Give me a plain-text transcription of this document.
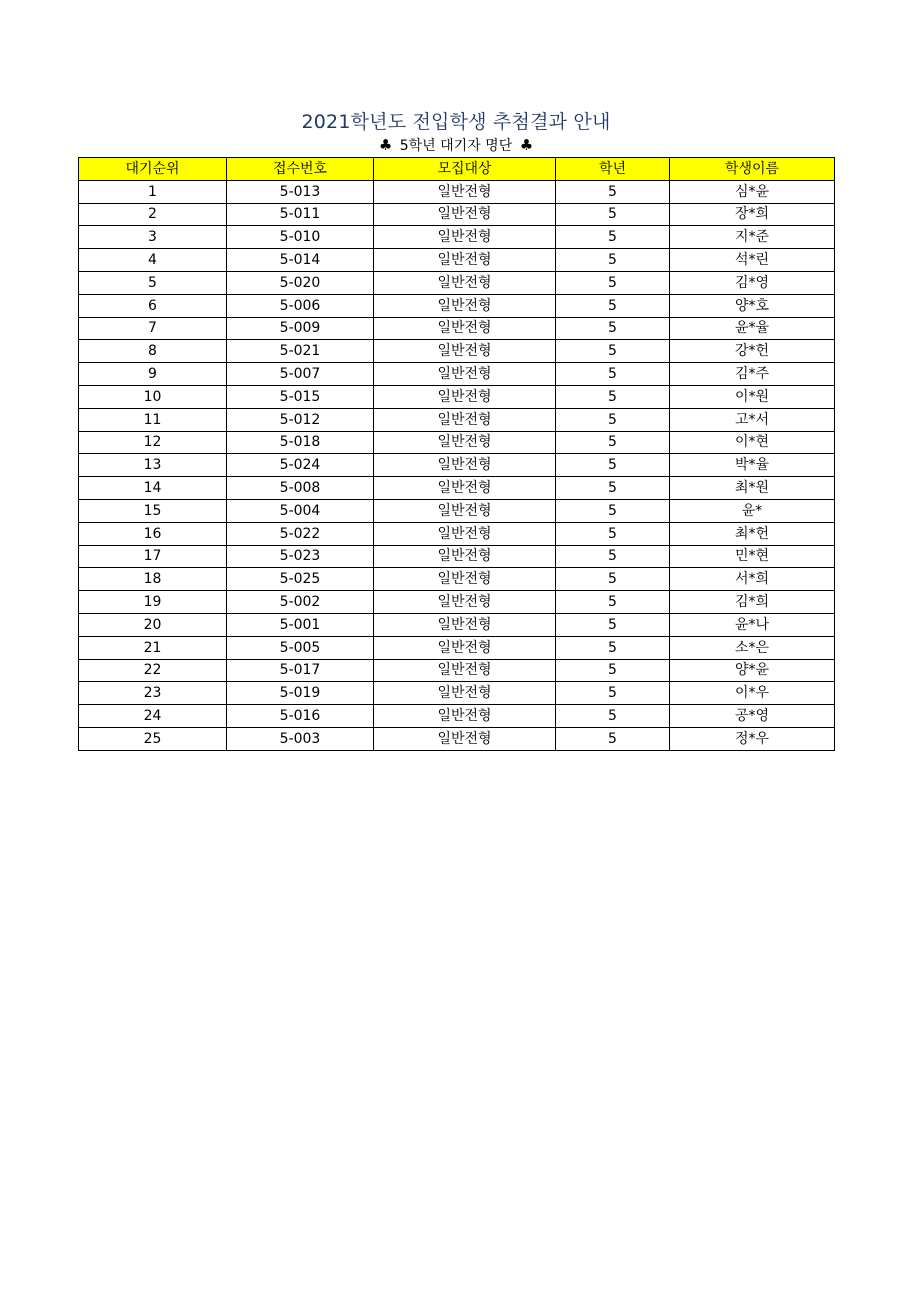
2021학년도 전입학생 추첨결과 안내
♣ 5학년 대기자 명단 ♣
대기순위	접수번호	모집대상	학년	학생이름
1	5-013	일반전형	5	심*윤
2	5-011	일반전형	5	장*희
3	5-010	일반전형	5	지*준
4	5-014	일반전형	5	석*린
5	5-020	일반전형	5	김*영
6	5-006	일반전형	5	양*호
7	5-009	일반전형	5	윤*율
8	5-021	일반전형	5	강*헌
9	5-007	일반전형	5	김*주
10	5-015	일반전형	5	이*원
11	5-012	일반전형	5	고*서
12	5-018	일반전형	5	이*현
13	5-024	일반전형	5	박*율
14	5-008	일반전형	5	최*원
15	5-004	일반전형	5	윤*
16	5-022	일반전형	5	최*헌
17	5-023	일반전형	5	민*현
18	5-025	일반전형	5	서*희
19	5-002	일반전형	5	김*희
20	5-001	일반전형	5	윤*나
21	5-005	일반전형	5	소*은
22	5-017	일반전형	5	양*윤
23	5-019	일반전형	5	이*우
24	5-016	일반전형	5	공*영
25	5-003	일반전형	5	정*우
